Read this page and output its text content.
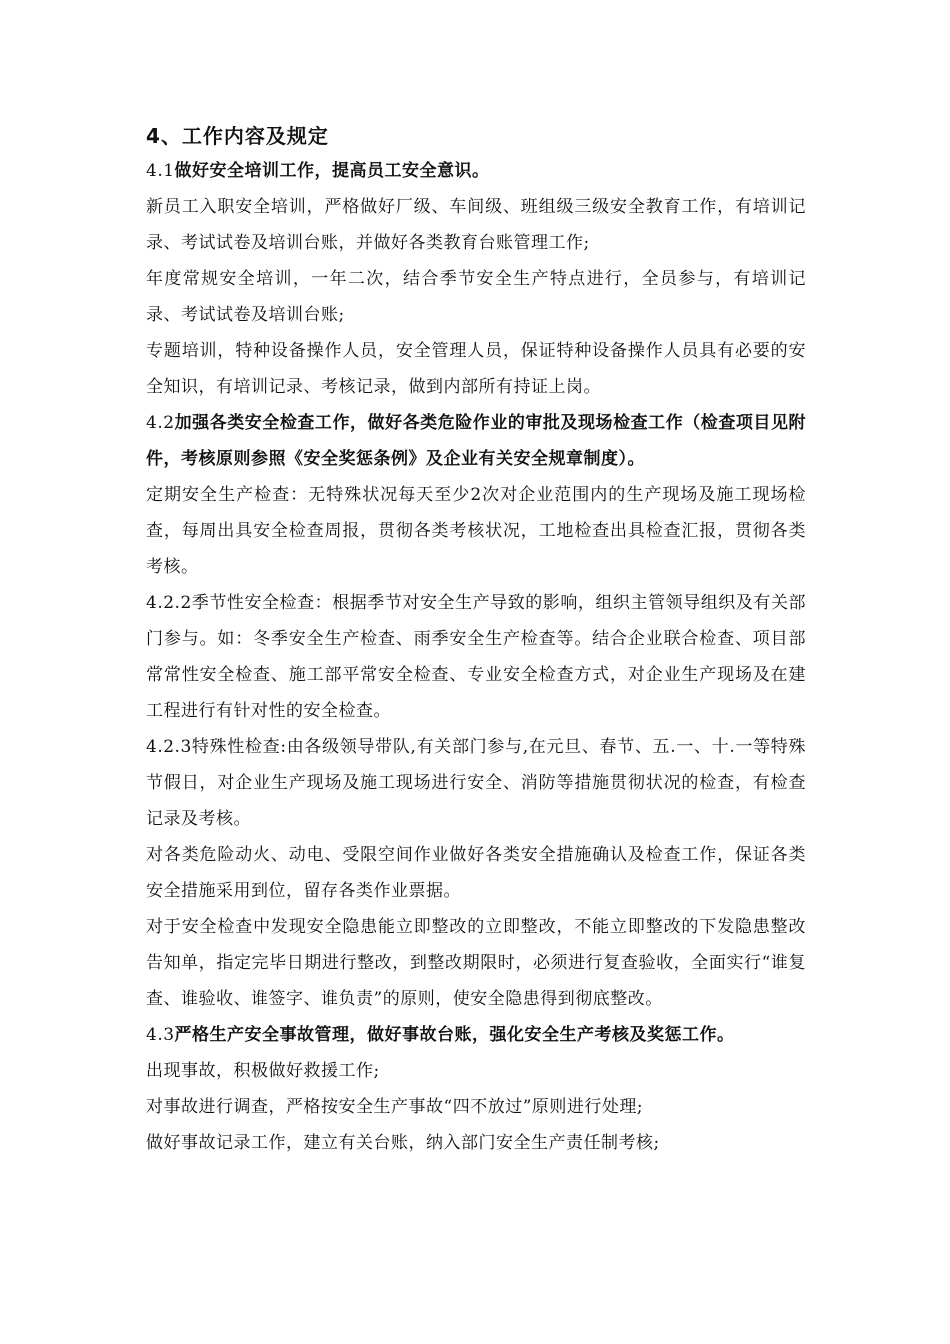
4、工作内容及规定

4.1做好安全培训工作，提高员工安全意识。

新员工入职安全培训，严格做好厂级、车间级、班组级三级安全教育工作，有培训记录、考试试卷及培训台账，并做好各类教育台账管理工作;

年度常规安全培训，一年二次，结合季节安全生产特点进行，全员参与，有培训记录、考试试卷及培训台账;

专题培训，特种设备操作人员，安全管理人员，保证特种设备操作人员具有必要的安全知识，有培训记录、考核记录，做到内部所有持证上岗。

4.2加强各类安全检查工作，做好各类危险作业的审批及现场检查工作（检查项目见附件，考核原则参照《安全奖惩条例》及企业有关安全规章制度）。

定期安全生产检查：无特殊状况每天至少2次对企业范围内的生产现场及施工现场检查，每周出具安全检查周报，贯彻各类考核状况，工地检查出具检查汇报，贯彻各类考核。

4.2.2季节性安全检查：根据季节对安全生产导致的影响，组织主管领导组织及有关部门参与。如：冬季安全生产检查、雨季安全生产检查等。结合企业联合检查、项目部常常性安全检查、施工部平常安全检查、专业安全检查方式，对企业生产现场及在建工程进行有针对性的安全检查。

4.2.3特殊性检查:由各级领导带队,有关部门参与,在元旦、春节、五.一、十.一等特殊节假日，对企业生产现场及施工现场进行安全、消防等措施贯彻状况的检查，有检查记录及考核。

对各类危险动火、动电、受限空间作业做好各类安全措施确认及检查工作，保证各类安全措施采用到位，留存各类作业票据。

对于安全检查中发现安全隐患能立即整改的立即整改，不能立即整改的下发隐患整改告知单，指定完毕日期进行整改，到整改期限时，必须进行复查验收，全面实行“谁复查、谁验收、谁签字、谁负责”的原则，使安全隐患得到彻底整改。

4.3严格生产安全事故管理，做好事故台账，强化安全生产考核及奖惩工作。

出现事故，积极做好救援工作;

对事故进行调查，严格按安全生产事故“四不放过”原则进行处理;

做好事故记录工作，建立有关台账，纳入部门安全生产责任制考核;
